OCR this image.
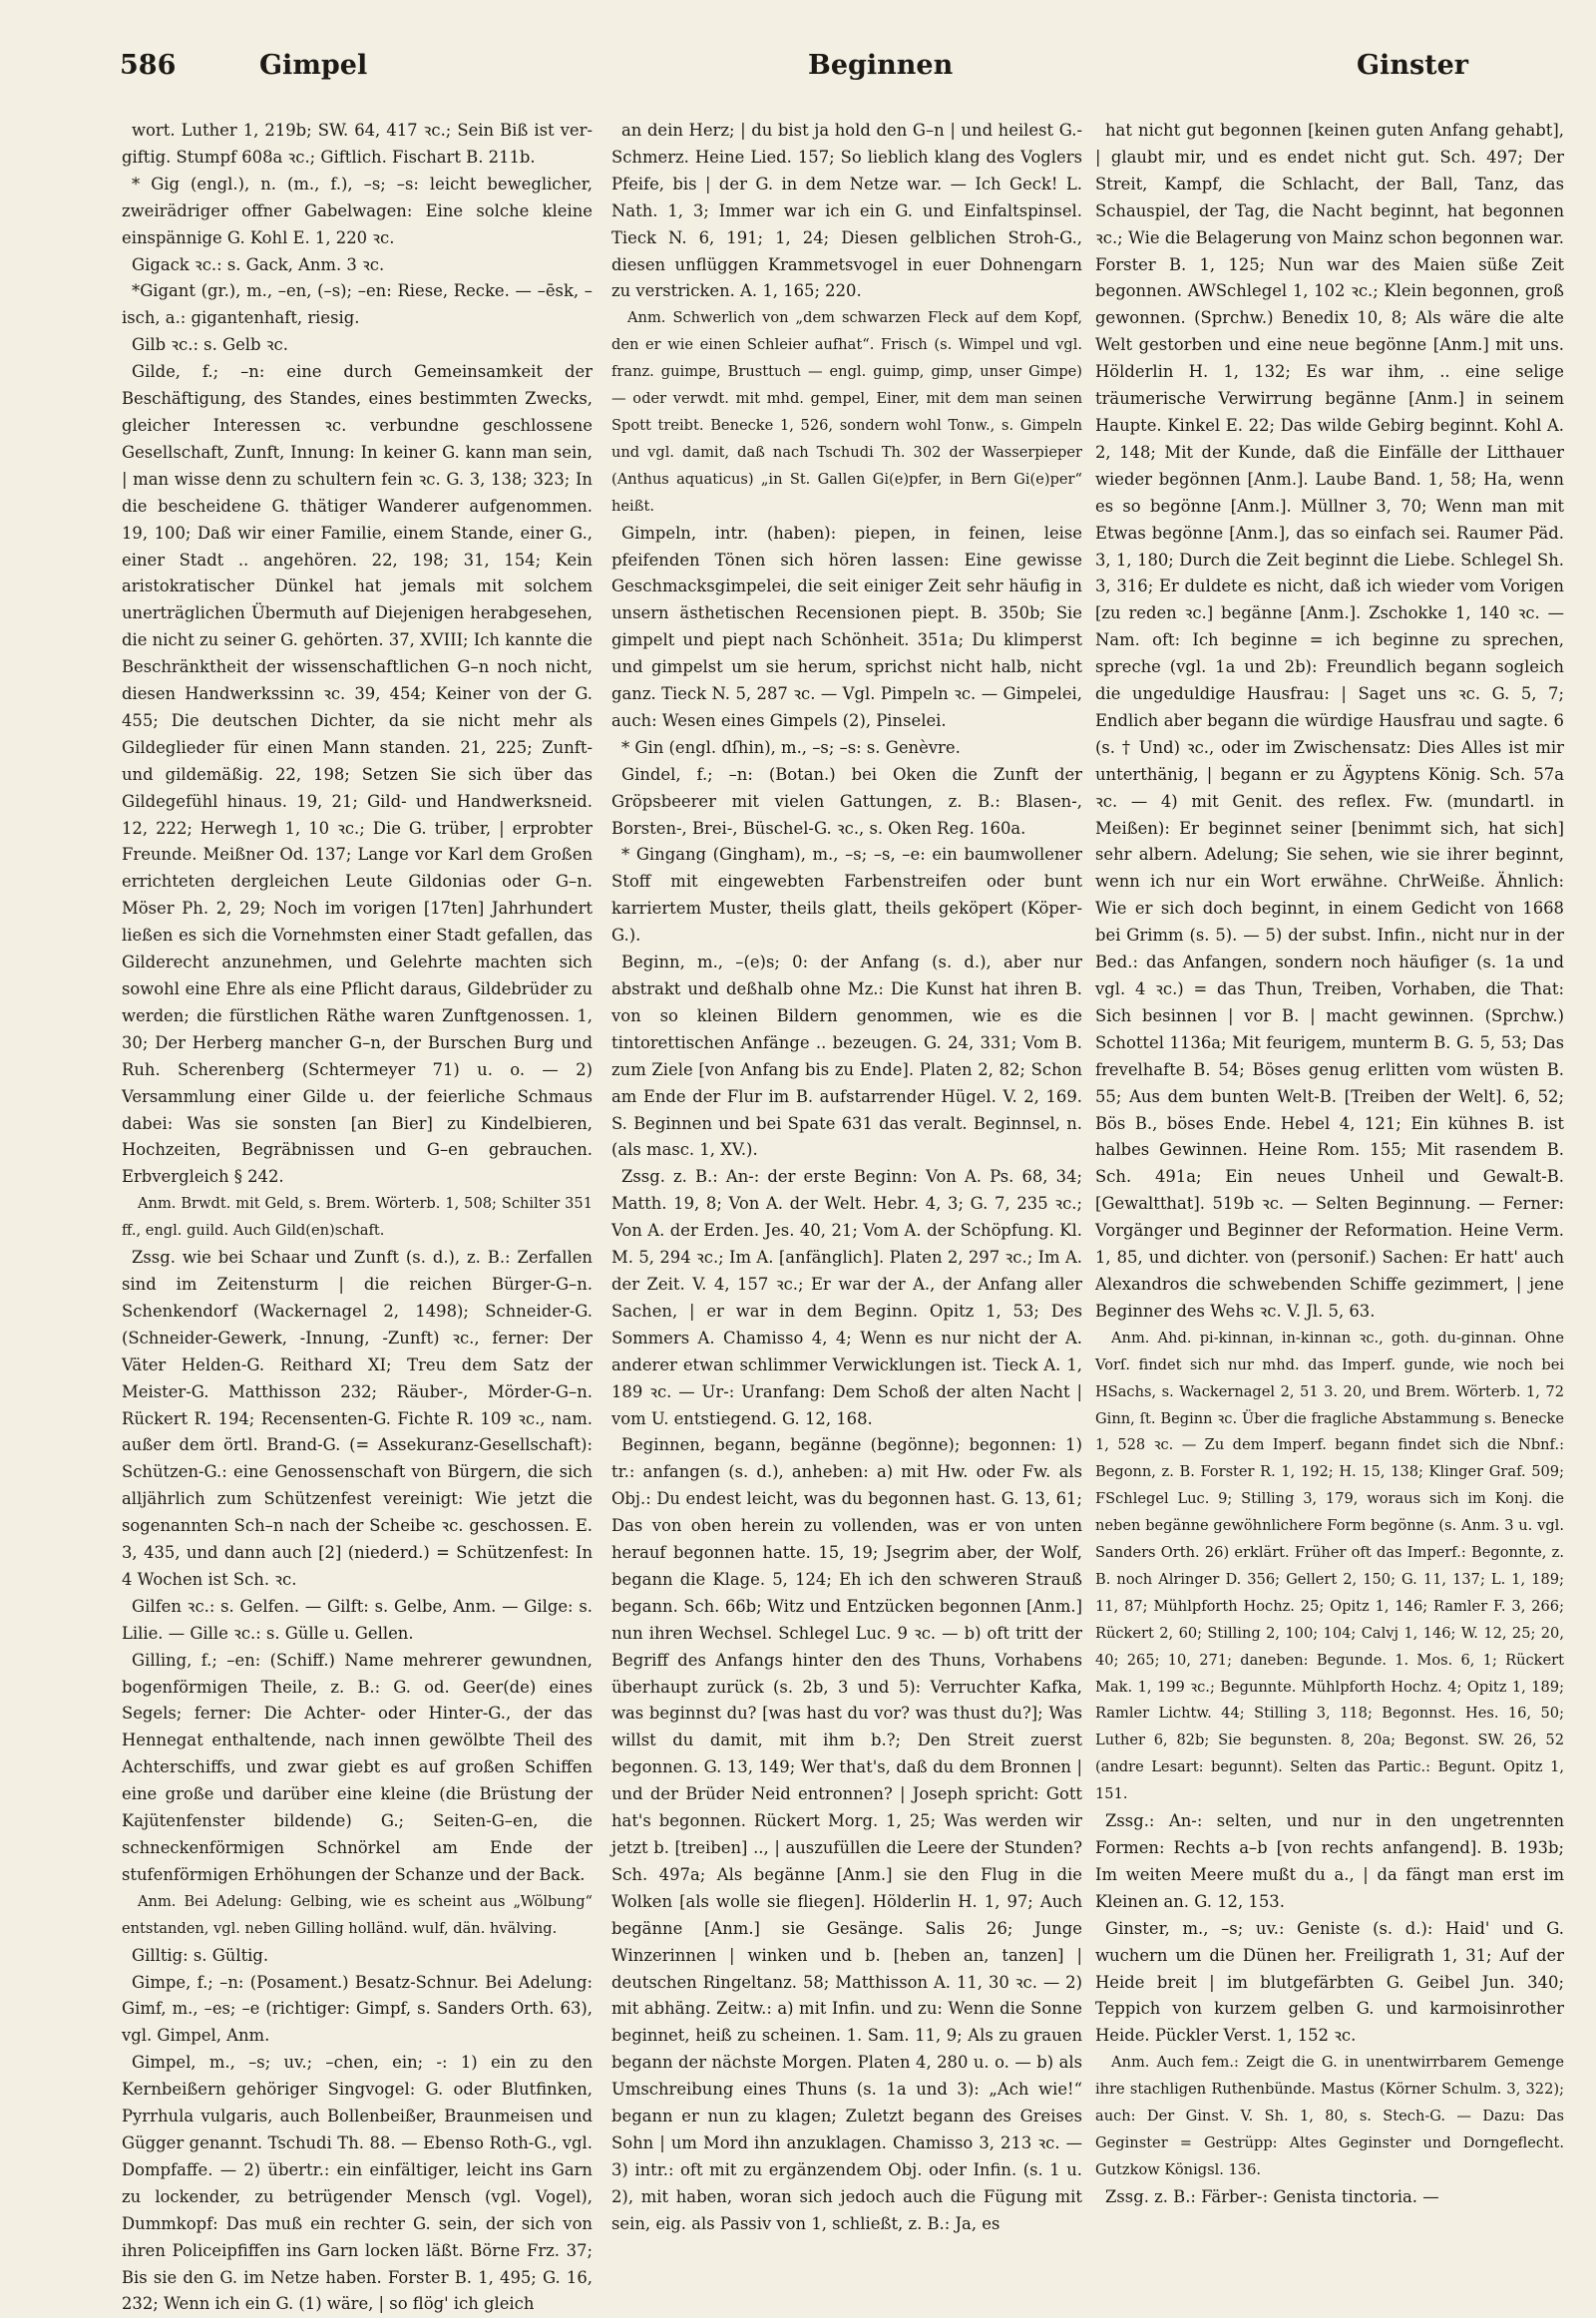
586	Gimpel	Beginnen	Ginster

wort. Luther 1, 219b; SW. 64, 417 ꝛc.; Sein Biß ist ver-giftig. Stumpf 608a ꝛc.; Giftlich. Fischart B. 211b.

* Gig (engl.), n. (m., f.), –s; –s: leicht beweglicher, zweirädriger offner Gabelwagen: Eine solche kleine einspännige G. Kohl E. 1, 220 ꝛc.

Gigack ꝛc.: s. Gack, Anm. 3 ꝛc.

*Gigant (gr.), m., –en, (–s); –en: Riese, Recke. — –ēsk, –isch, a.: gigantenhaft, riesig.

Gilb ꝛc.: s. Gelb ꝛc.

Gilde, f.; –n: eine durch Gemeinsamkeit der Beschäftigung, des Standes, eines bestimmten Zwecks, gleicher Interessen ꝛc. verbundne geschlossene Gesellschaft, Zunft, Innung: In keiner G. kann man sein, | man wisse denn zu schultern fein ꝛc. G. 3, 138; 323; In die bescheidene G. thätiger Wanderer aufgenommen. 19, 100; Daß wir einer Familie, einem Stande, einer G., einer Stadt .. angehören. 22, 198; 31, 154; Kein aristokratischer Dünkel hat jemals mit solchem unerträglichen Übermuth auf Diejenigen herabgesehen, die nicht zu seiner G. gehörten. 37, XVIII; Ich kannte die Beschränktheit der wissenschaftlichen G–n noch nicht, diesen Handwerkssinn ꝛc. 39, 454; Keiner von der G. 455; Die deutschen Dichter, da sie nicht mehr als Gildeglieder für einen Mann standen. 21, 225; Zunft- und gildemäßig. 22, 198; Setzen Sie sich über das Gildegefühl hinaus. 19, 21; Gild- und Handwerksneid. 12, 222; Herwegh 1, 10 ꝛc.; Die G. trüber, | erprobter Freunde. Meißner Od. 137; Lange vor Karl dem Großen errichteten dergleichen Leute Gildonias oder G–n. Möser Ph. 2, 29; Noch im vorigen [17ten] Jahrhundert ließen es sich die Vornehmsten einer Stadt gefallen, das Gilderecht anzunehmen, und Gelehrte machten sich sowohl eine Ehre als eine Pflicht daraus, Gildebrüder zu werden; die fürstlichen Räthe waren Zunftgenossen. 1, 30; Der Herberg mancher G–n, der Burschen Burg und Ruh. Scherenberg (Schtermeyer 71) u. o. — 2) Versammlung einer Gilde u. der feierliche Schmaus dabei: Was sie sonsten [an Bier] zu Kindelbieren, Hochzeiten, Begräbnissen und G–en gebrauchen. Erbvergleich § 242.

Anm. Brwdt. mit Geld, s. Brem. Wörterb. 1, 508; Schilter 351 ff., engl. guild. Auch Gild(en)schaft.

Zssg. wie bei Schaar und Zunft (s. d.), z. B.: Zerfallen sind im Zeitensturm | die reichen Bürger-G–n. Schenkendorf (Wackernagel 2, 1498); Schneider-G. (Schneider-Gewerk, -Innung, -Zunft) ꝛc., ferner: Der Väter Helden-G. Reithard XI; Treu dem Satz der Meister-G. Matthisson 232; Räuber-, Mörder-G–n. Rückert R. 194; Recensenten-G. Fichte R. 109 ꝛc., nam. außer dem örtl. Brand-G. (= Assekuranz-Gesellschaft): Schützen-G.: eine Genossenschaft von Bürgern, die sich alljährlich zum Schützenfest vereinigt: Wie jetzt die sogenannten Sch–n nach der Scheibe ꝛc. geschossen. E. 3, 435, und dann auch [2] (niederd.) = Schützenfest: In 4 Wochen ist Sch. ꝛc.

Gilfen ꝛc.: s. Gelfen. — Gilft: s. Gelbe, Anm. — Gilge: s. Lilie. — Gille ꝛc.: s. Gülle u. Gellen.

Gilling, f.; –en: (Schiff.) Name mehrerer gewundnen, bogenförmigen Theile, z. B.: G. od. Geer(de) eines Segels; ferner: Die Achter- oder Hinter-G., der das Hennegat enthaltende, nach innen gewölbte Theil des Achterschiffs, und zwar giebt es auf großen Schiffen eine große und darüber eine kleine (die Brüstung der Kajütenfenster bildende) G.; Seiten-G–en, die schneckenförmigen Schnörkel am Ende der stufenförmigen Erhöhungen der Schanze und der Back.

Anm. Bei Adelung: Gelbing, wie es scheint aus „Wölbung“ entstanden, vgl. neben Gilling holländ. wulf, dän. hvälving.

Gilltig: s. Gültig.

Gimpe, f.; –n: (Posament.) Besatz-Schnur. Bei Adelung: Gimf, m., –es; –e (richtiger: Gimpf, s. Sanders Orth. 63), vgl. Gimpel, Anm.

Gimpel, m., –s; uv.; –chen, ein; -: 1) ein zu den Kernbeißern gehöriger Singvogel: G. oder Blutfinken, Pyrrhula vulgaris, auch Bollenbeißer, Braunmeisen und Gügger genannt. Tschudi Th. 88. — Ebenso Roth-G., vgl. Dompfaffe. — 2) übertr.: ein einfältiger, leicht ins Garn zu lockender, zu betrügender Mensch (vgl. Vogel), Dummkopf: Das muß ein rechter G. sein, der sich von ihren Policeipfiffen ins Garn locken läßt. Börne Frz. 37; Bis sie den G. im Netze haben. Forster B. 1, 495; G. 16, 232; Wenn ich ein G. (1) wäre, | so flög' ich gleich

an dein Herz; | du bist ja hold den G–n | und heilest G.-Schmerz. Heine Lied. 157; So lieblich klang des Voglers Pfeife, bis | der G. in dem Netze war. — Ich Geck! L. Nath. 1, 3; Immer war ich ein G. und Einfaltspinsel. Tieck N. 6, 191; 1, 24; Diesen gelblichen Stroh-G., diesen unflüggen Krammetsvogel in euer Dohnengarn zu verstricken. A. 1, 165; 220.

Anm. Schwerlich von „dem schwarzen Fleck auf dem Kopf, den er wie einen Schleier aufhat“. Frisch (s. Wimpel und vgl. franz. guimpe, Brusttuch — engl. guimp, gimp, unser Gimpe) — oder verwdt. mit mhd. gempel, Einer, mit dem man seinen Spott treibt. Benecke 1, 526, sondern wohl Tonw., s. Gimpeln und vgl. damit, daß nach Tschudi Th. 302 der Wasserpieper (Anthus aquaticus) „in St. Gallen Gi(e)pfer, in Bern Gi(e)per“ heißt.

Gimpeln, intr. (haben): piepen, in feinen, leise pfeifenden Tönen sich hören lassen: Eine gewisse Geschmacksgimpelei, die seit einiger Zeit sehr häufig in unsern ästhetischen Recensionen piept. B. 350b; Sie gimpelt und piept nach Schönheit. 351a; Du klimperst und gimpelst um sie herum, sprichst nicht halb, nicht ganz. Tieck N. 5, 287 ꝛc. — Vgl. Pimpeln ꝛc. — Gimpelei, auch: Wesen eines Gimpels (2), Pinselei.

* Gin (engl. dſhin), m., –s; –s: s. Genèvre.

Gindel, f.; –n: (Botan.) bei Oken die Zunft der Gröpsbeerer mit vielen Gattungen, z. B.: Blasen-, Borsten-, Brei-, Büschel-G. ꝛc., s. Oken Reg. 160a.

* Gingang (Gingham), m., –s; –s, –e: ein baumwollener Stoff mit eingewebten Farbenstreifen oder bunt karriertem Muster, theils glatt, theils geköpert (Köper-G.).

Beginn, m., –(e)s; 0: der Anfang (s. d.), aber nur abstrakt und deßhalb ohne Mz.: Die Kunst hat ihren B. von so kleinen Bildern genommen, wie es die tintorettischen Anfänge .. bezeugen. G. 24, 331; Vom B. zum Ziele [von Anfang bis zu Ende]. Platen 2, 82; Schon am Ende der Flur im B. aufstarrender Hügel. V. 2, 169. S. Beginnen und bei Spate 631 das veralt. Beginnsel, n. (als masc. 1, XV.).

Zssg. z. B.: An-: der erste Beginn: Von A. Ps. 68, 34; Matth. 19, 8; Von A. der Welt. Hebr. 4, 3; G. 7, 235 ꝛc.; Von A. der Erden. Jes. 40, 21; Vom A. der Schöpfung. Kl. M. 5, 294 ꝛc.; Im A. [anfänglich]. Platen 2, 297 ꝛc.; Im A. der Zeit. V. 4, 157 ꝛc.; Er war der A., der Anfang aller Sachen, | er war in dem Beginn. Opitz 1, 53; Des Sommers A. Chamisso 4, 4; Wenn es nur nicht der A. anderer etwan schlimmer Verwicklungen ist. Tieck A. 1, 189 ꝛc. — Ur-: Uranfang: Dem Schoß der alten Nacht | vom U. entstiegend. G. 12, 168.

Beginnen, begann, begänne (begönne); begonnen: 1) tr.: anfangen (s. d.), anheben: a) mit Hw. oder Fw. als Obj.: Du endest leicht, was du begonnen hast. G. 13, 61; Das von oben herein zu vollenden, was er von unten herauf begonnen hatte. 15, 19; Jsegrim aber, der Wolf, begann die Klage. 5, 124; Eh ich den schweren Strauß begann. Sch. 66b; Witz und Entzücken begonnen [Anm.] nun ihren Wechsel. Schlegel Luc. 9 ꝛc. — b) oft tritt der Begriff des Anfangs hinter den des Thuns, Vorhabens überhaupt zurück (s. 2b, 3 und 5): Verruchter Kafka, was beginnst du? [was hast du vor? was thust du?]; Was willst du damit, mit ihm b.?; Den Streit zuerst begonnen. G. 13, 149; Wer that's, daß du dem Bronnen | und der Brüder Neid entronnen? | Joseph spricht: Gott hat's begonnen. Rückert Morg. 1, 25; Was werden wir jetzt b. [treiben] .., | auszufüllen die Leere der Stunden? Sch. 497a; Als begänne [Anm.] sie den Flug in die Wolken [als wolle sie fliegen]. Hölderlin H. 1, 97; Auch begänne [Anm.] sie Gesänge. Salis 26; Junge Winzerinnen | winken und b. [heben an, tanzen] | deutschen Ringeltanz. 58; Matthisson A. 11, 30 ꝛc. — 2) mit abhäng. Zeitw.: a) mit Infin. und zu: Wenn die Sonne beginnet, heiß zu scheinen. 1. Sam. 11, 9; Als zu grauen begann der nächste Morgen. Platen 4, 280 u. o. — b) als Umschreibung eines Thuns (s. 1a und 3): „Ach wie!“ begann er nun zu klagen; Zuletzt begann des Greises Sohn | um Mord ihn anzuklagen. Chamisso 3, 213 ꝛc. — 3) intr.: oft mit zu ergänzendem Obj. oder Infin. (s. 1 u. 2), mit haben, woran sich jedoch auch die Fügung mit sein, eig. als Passiv von 1, schließt, z. B.: Ja, es

hat nicht gut begonnen [keinen guten Anfang gehabt], | glaubt mir, und es endet nicht gut. Sch. 497; Der Streit, Kampf, die Schlacht, der Ball, Tanz, das Schauspiel, der Tag, die Nacht beginnt, hat begonnen ꝛc.; Wie die Belagerung von Mainz schon begonnen war. Forster B. 1, 125; Nun war des Maien süße Zeit begonnen. AWSchlegel 1, 102 ꝛc.; Klein begonnen, groß gewonnen. (Sprchw.) Benedix 10, 8; Als wäre die alte Welt gestorben und eine neue begönne [Anm.] mit uns. Hölderlin H. 1, 132; Es war ihm, .. eine selige träumerische Verwirrung begänne [Anm.] in seinem Haupte. Kinkel E. 22; Das wilde Gebirg beginnt. Kohl A. 2, 148; Mit der Kunde, daß die Einfälle der Litthauer wieder begönnen [Anm.]. Laube Band. 1, 58; Ha, wenn es so begönne [Anm.]. Müllner 3, 70; Wenn man mit Etwas begönne [Anm.], das so einfach sei. Raumer Päd. 3, 1, 180; Durch die Zeit beginnt die Liebe. Schlegel Sh. 3, 316; Er duldete es nicht, daß ich wieder vom Vorigen [zu reden ꝛc.] begänne [Anm.]. Zschokke 1, 140 ꝛc. — Nam. oft: Ich beginne = ich beginne zu sprechen, spreche (vgl. 1a und 2b): Freundlich begann sogleich die ungeduldige Hausfrau: | Saget uns ꝛc. G. 5, 7; Endlich aber begann die würdige Hausfrau und sagte. 6 (s. † Und) ꝛc., oder im Zwischensatz: Dies Alles ist mir unterthänig, | begann er zu Ägyptens König. Sch. 57a ꝛc. — 4) mit Genit. des reflex. Fw. (mundartl. in Meißen): Er beginnet seiner [benimmt sich, hat sich] sehr albern. Adelung; Sie sehen, wie sie ihrer beginnt, wenn ich nur ein Wort erwähne. ChrWeiße. Ähnlich: Wie er sich doch beginnt, in einem Gedicht von 1668 bei Grimm (s. 5). — 5) der subst. Infin., nicht nur in der Bed.: das Anfangen, sondern noch häufiger (s. 1a und vgl. 4 ꝛc.) = das Thun, Treiben, Vorhaben, die That: Sich besinnen | vor B. | macht gewinnen. (Sprchw.) Schottel 1136a; Mit feurigem, munterm B. G. 5, 53; Das frevelhafte B. 54; Böses genug erlitten vom wüsten B. 55; Aus dem bunten Welt-B. [Treiben der Welt]. 6, 52; Bös B., böses Ende. Hebel 4, 121; Ein kühnes B. ist halbes Gewinnen. Heine Rom. 155; Mit rasendem B. Sch. 491a; Ein neues Unheil und Gewalt-B. [Gewaltthat]. 519b ꝛc. — Selten Beginnung. — Ferner: Vorgänger und Beginner der Reformation. Heine Verm. 1, 85, und dichter. von (personif.) Sachen: Er hatt' auch Alexandros die schwebenden Schiffe gezimmert, | jene Beginner des Wehs ꝛc. V. Jl. 5, 63.

Anm. Ahd. pi-kinnan, in-kinnan ꝛc., goth. du-ginnan. Ohne Vorſ. findet sich nur mhd. das Imperf. gunde, wie noch bei HSachs, s. Wackernagel 2, 51 3. 20, und Brem. Wörterb. 1, 72 Ginn, ſt. Beginn ꝛc. Über die fragliche Abstammung s. Benecke 1, 528 ꝛc. — Zu dem Imperf. begann findet sich die Nbnf.: Begonn, z. B. Forster R. 1, 192; H. 15, 138; Klinger Graf. 509; FSchlegel Luc. 9; Stilling 3, 179, woraus sich im Konj. die neben begänne gewöhnlichere Form begönne (s. Anm. 3 u. vgl. Sanders Orth. 26) erklärt. Früher oft das Imperf.: Begonnte, z. B. noch Alringer D. 356; Gellert 2, 150; G. 11, 137; L. 1, 189; 11, 87; Mühlpforth Hochz. 25; Opitz 1, 146; Ramler F. 3, 266; Rückert 2, 60; Stilling 2, 100; 104; Calvj 1, 146; W. 12, 25; 20, 40; 265; 10, 271; daneben: Begunde. 1. Mos. 6, 1; Rückert Mak. 1, 199 ꝛc.; Begunnte. Mühlpforth Hochz. 4; Opitz 1, 189; Ramler Lichtw. 44; Stilling 3, 118; Begonnst. Hes. 16, 50; Luther 6, 82b; Sie begunsten. 8, 20a; Begonst. SW. 26, 52 (andre Lesart: begunnt). Selten das Partic.: Begunt. Opitz 1, 151.

Zssg.: An-: selten, und nur in den ungetrennten Formen: Rechts a–b [von rechts anfangend]. B. 193b; Im weiten Meere mußt du a., | da fängt man erst im Kleinen an. G. 12, 153.

Ginster, m., –s; uv.: Geniste (s. d.): Haid' und G. wuchern um die Dünen her. Freiligrath 1, 31; Auf der Heide breit | im blutgefärbten G. Geibel Jun. 340; Teppich von kurzem gelben G. und karmoisinrother Heide. Pückler Verst. 1, 152 ꝛc.

Anm. Auch fem.: Zeigt die G. in unentwirrbarem Gemenge ihre stachligen Ruthenbünde. Mastus (Körner Schulm. 3, 322); auch: Der Ginst. V. Sh. 1, 80, s. Stech-G. — Dazu: Das Geginster = Gestrüpp: Altes Geginster und Dorngeflecht. Gutzkow Königsl. 136.

Zssg. z. B.: Färber-: Genista tinctoria. —
